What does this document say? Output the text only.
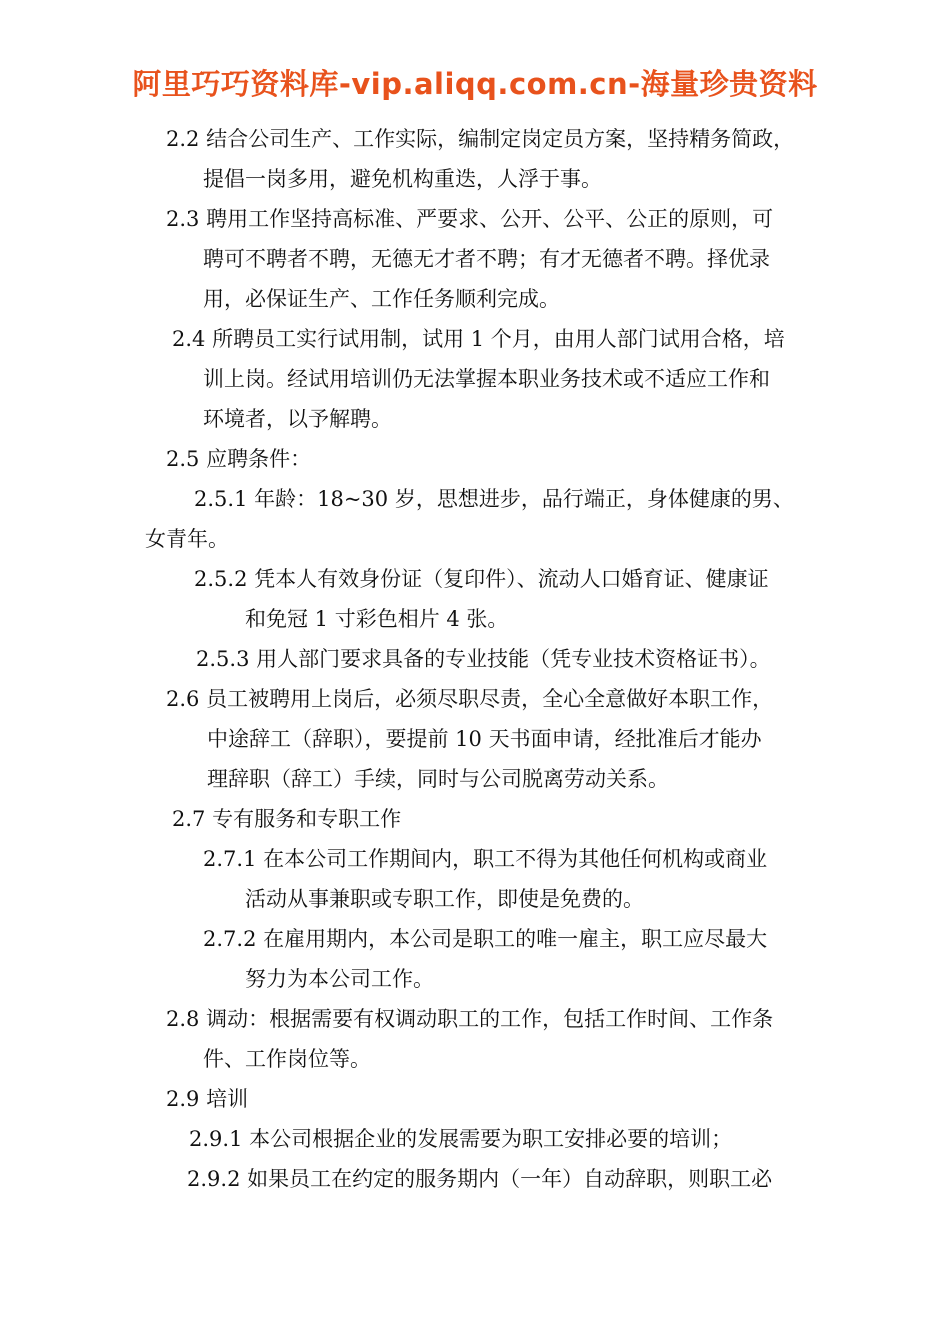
阿里巧巧资料库-vip.aliqq.com.cn-海量珍贵资料
2.2 结合公司生产、工作实际，编制定岗定员方案，坚持精务简政，
提倡一岗多用，避免机构重迭，人浮于事。
2.3 聘用工作坚持高标准、严要求、公开、公平、公正的原则，可
聘可不聘者不聘，无德无才者不聘；有才无德者不聘。择优录
用，必保证生产、工作任务顺利完成。
2.4 所聘员工实行试用制，试用 1 个月，由用人部门试用合格，培
训上岗。经试用培训仍无法掌握本职业务技术或不适应工作和
环境者，以予解聘。
2.5 应聘条件：
2.5.1 年龄：18~30 岁，思想进步，品行端正，身体健康的男、
女青年。
2.5.2 凭本人有效身份证（复印件）、流动人口婚育证、健康证
和免冠 1 寸彩色相片 4 张。
2.5.3 用人部门要求具备的专业技能（凭专业技术资格证书）。
2.6 员工被聘用上岗后，必须尽职尽责，全心全意做好本职工作，
中途辞工（辞职），要提前 10 天书面申请，经批准后才能办
理辞职（辞工）手续，同时与公司脱离劳动关系。
2.7 专有服务和专职工作
2.7.1 在本公司工作期间内，职工不得为其他任何机构或商业
活动从事兼职或专职工作，即使是免费的。
2.7.2 在雇用期内，本公司是职工的唯一雇主，职工应尽最大
努力为本公司工作。
2.8 调动：根据需要有权调动职工的工作，包括工作时间、工作条
件、工作岗位等。
2.9 培训
2.9.1 本公司根据企业的发展需要为职工安排必要的培训；
2.9.2 如果员工在约定的服务期内（一年）自动辞职，则职工必
